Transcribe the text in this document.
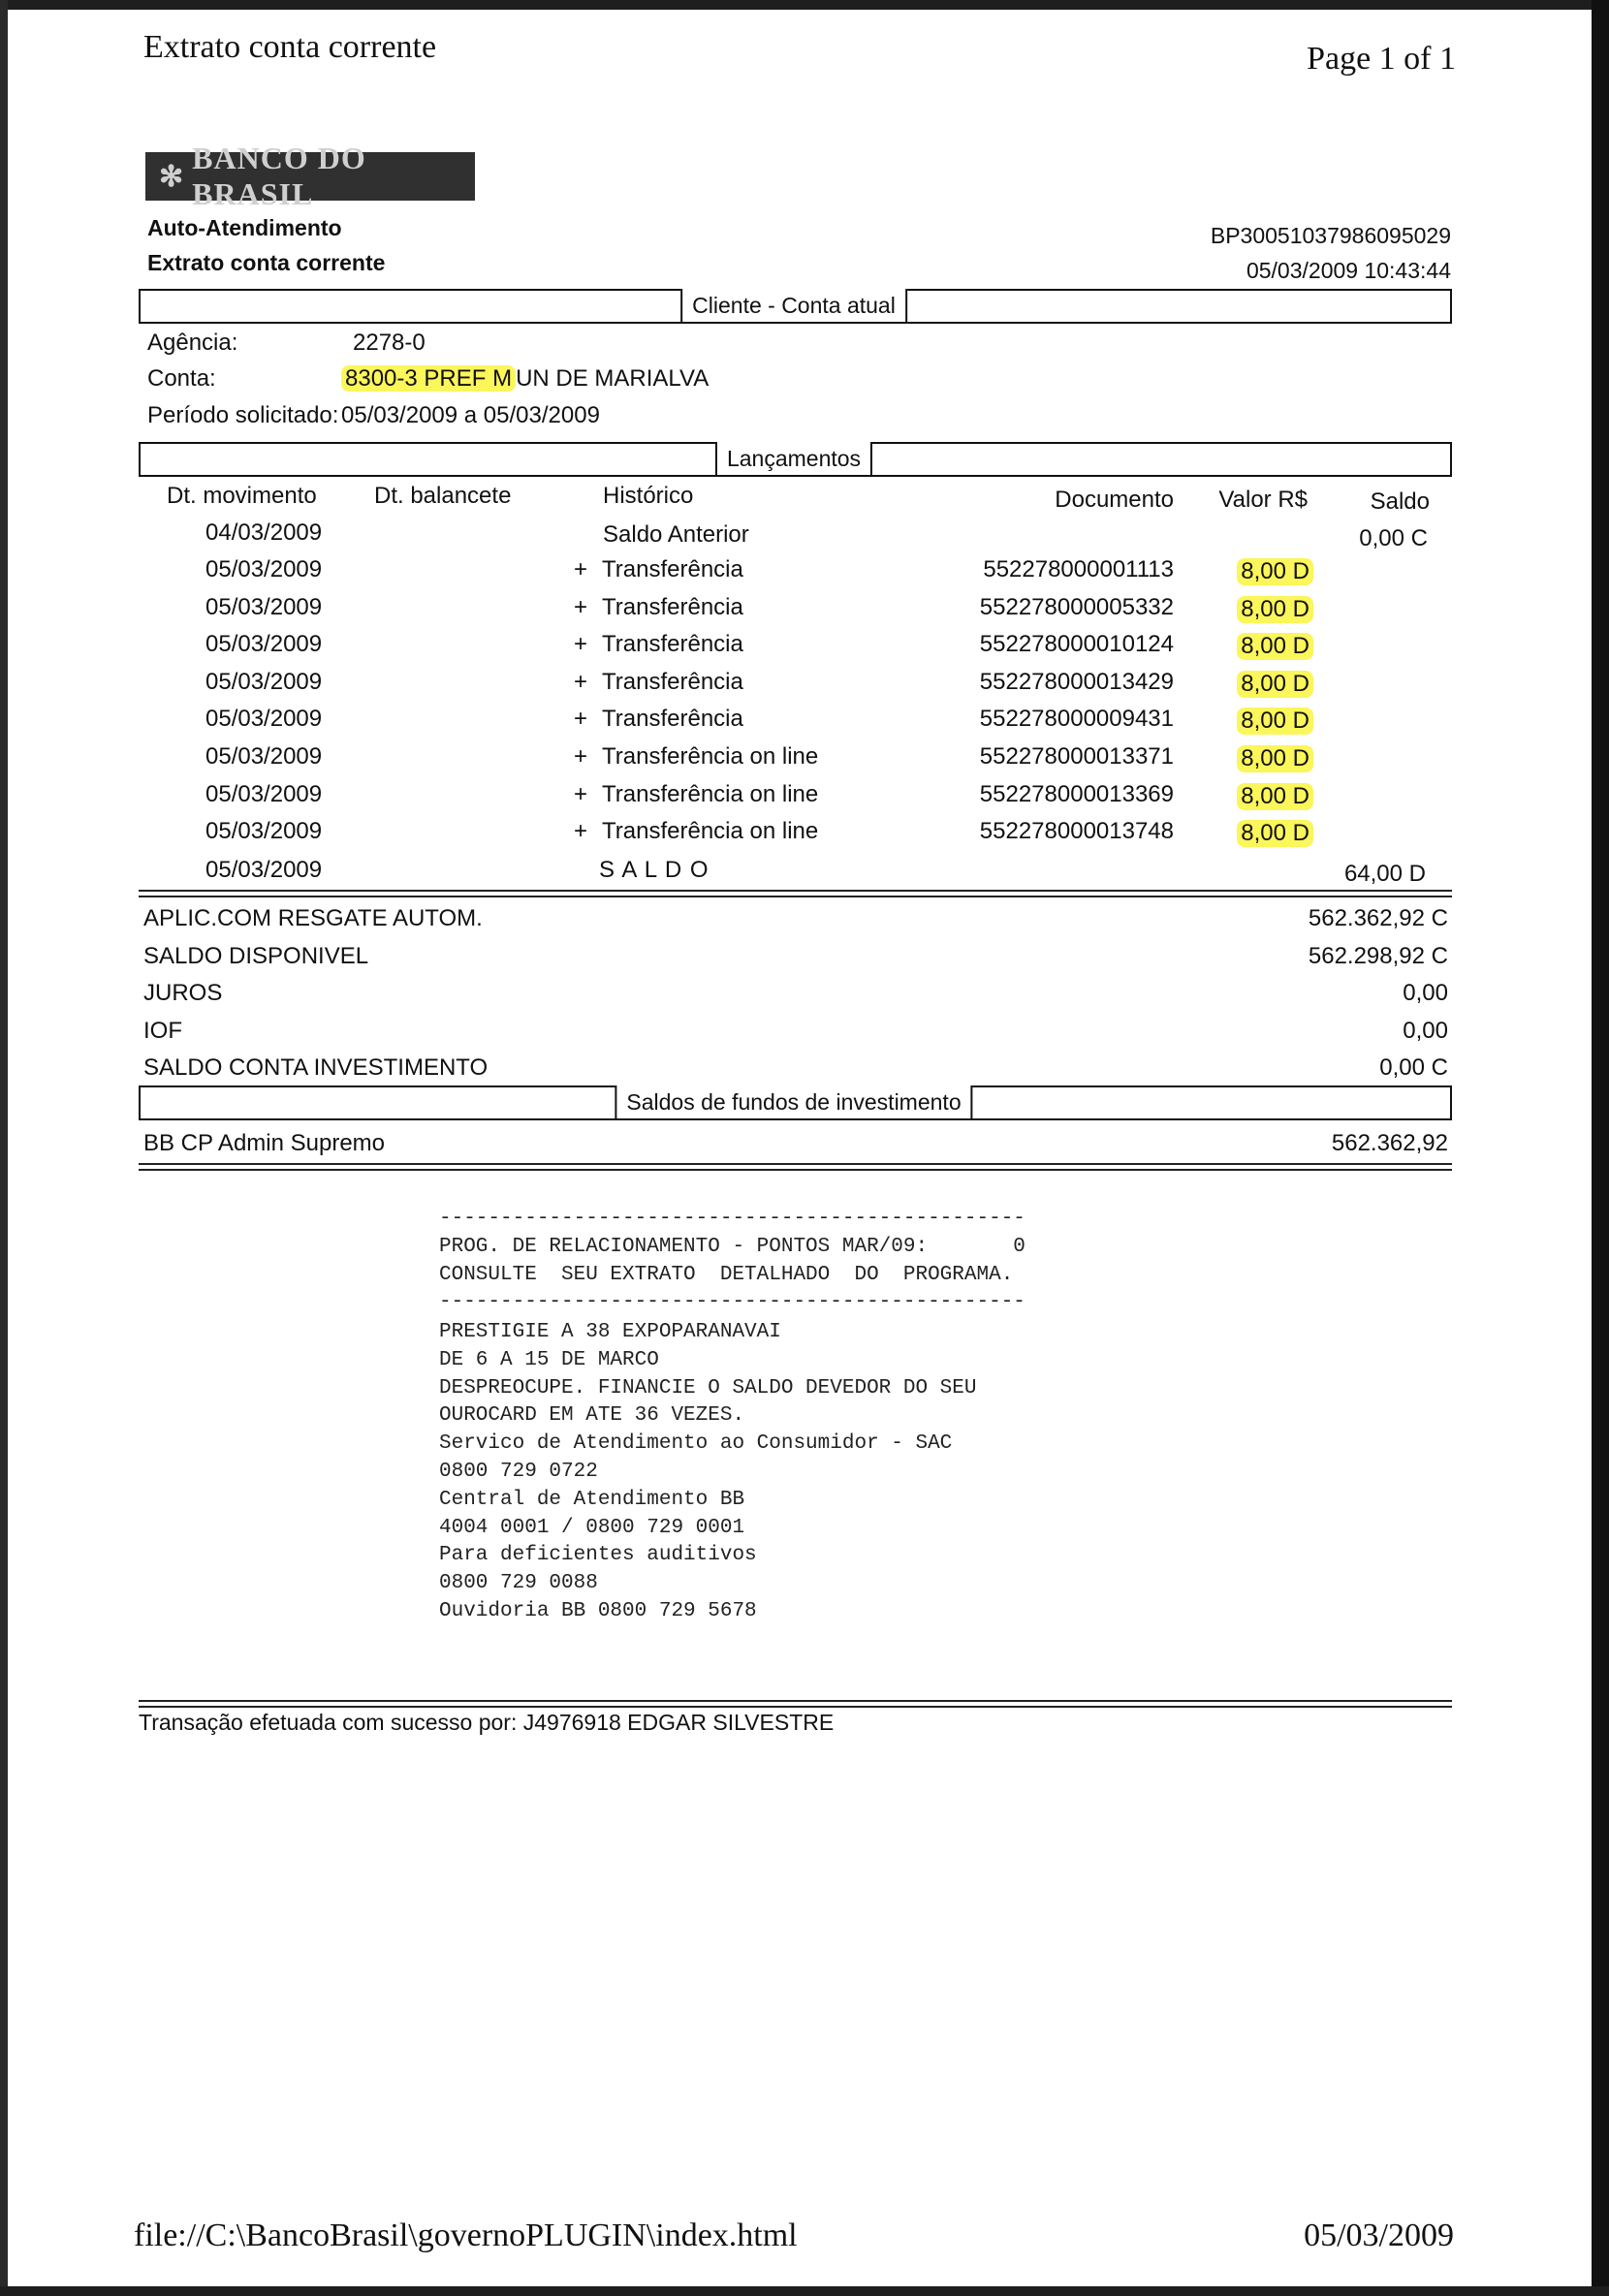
Extrato conta corrente	Page 1 of 1
✻
BANCO DO BRASIL
Auto-Atendimento
Extrato conta corrente
BP30051037986095029
05/03/2009 10:43:44
Cliente - Conta atual
Agência:	2278-0
Conta:	8300-3 PREF M UN DE MARIALVA
Período solicitado: 05/03/2009 a 05/03/2009
Lançamentos
Dt. movimento Dt. balancete	Histórico	Documento Valor R$	Saldo
04/03/2009	Saldo Anterior	0,00 C
05/03/2009	+ Transferência	552278000001113	8,00 D
05/03/2009	+ Transferência	552278000005332	8,00 D
05/03/2009	+ Transferência	552278000010124	8,00 D
05/03/2009	+ Transferência	552278000013429	8,00 D
05/03/2009	+ Transferência	552278000009431	8,00 D
05/03/2009	+ Transferência on line	552278000013371	8,00 D
05/03/2009	+ Transferência on line	552278000013369	8,00 D
05/03/2009	+ Transferência on line	552278000013748	8,00 D
05/03/2009	S A L D O	64,00 D
APLIC.COM RESGATE AUTOM.	562.362,92 C
SALDO DISPONIVEL	562.298,92 C
JUROS	0,00
IOF	0,00
SALDO CONTA INVESTIMENTO	0,00 C
Saldos de fundos de investimento
BB CP Admin Supremo	562.362,92
------------------------------------------------
PROG. DE RELACIONAMENTO - PONTOS MAR/09:       0
CONSULTE  SEU EXTRATO  DETALHADO  DO  PROGRAMA.
------------------------------------------------
PRESTIGIE A 38 EXPOPARANAVAI
DE 6 A 15 DE MARCO
DESPREOCUPE. FINANCIE O SALDO DEVEDOR DO SEU
OUROCARD EM ATE 36 VEZES.
Servico de Atendimento ao Consumidor - SAC
0800 729 0722
Central de Atendimento BB
4004 0001 / 0800 729 0001
Para deficientes auditivos
0800 729 0088
Ouvidoria BB 0800 729 5678
Transação efetuada com sucesso por: J4976918 EDGAR SILVESTRE
file://C:\BancoBrasil\governoPLUGIN\index.html	05/03/2009
